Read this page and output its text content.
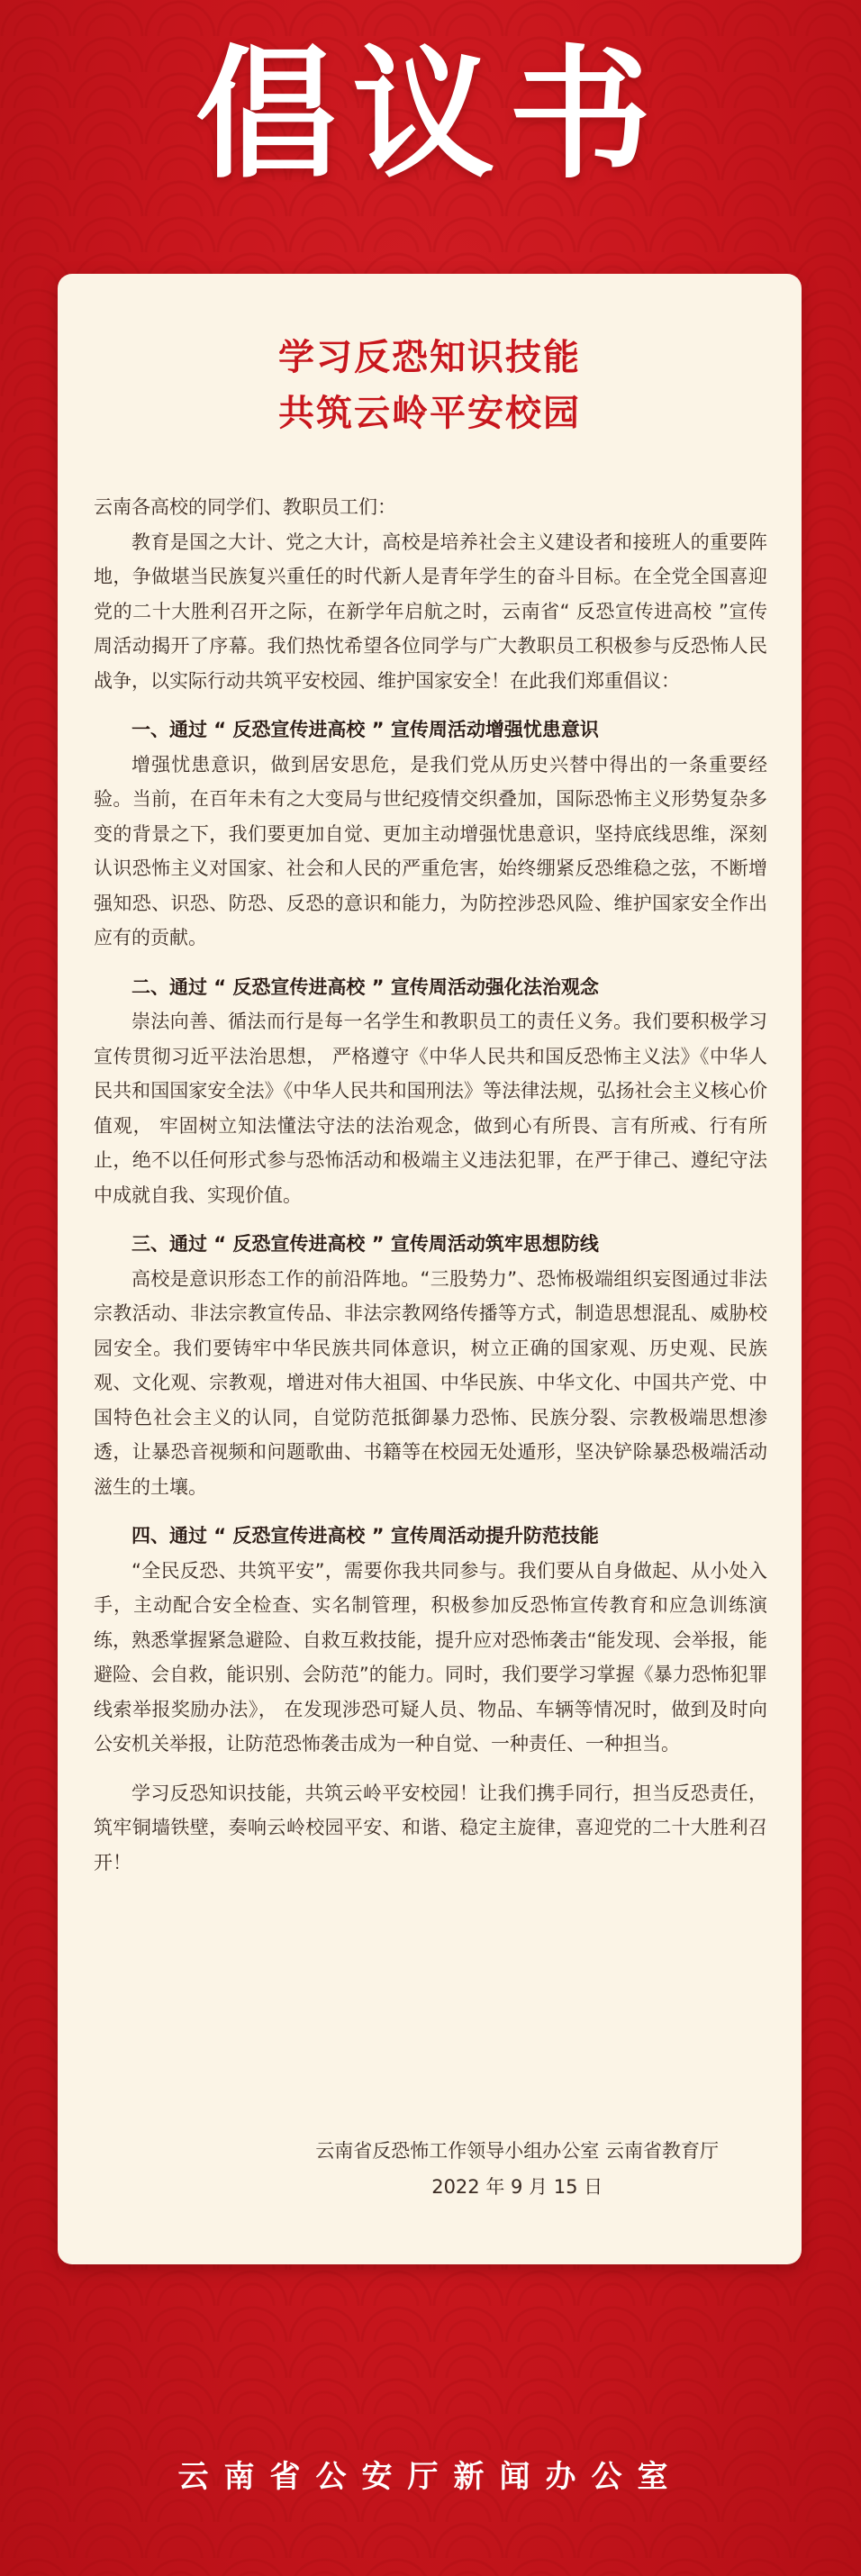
倡议书
学习反恐知识技能
共筑云岭平安校园

云南各高校的同学们、教职员工们：

教育是国之大计、党之大计，高校是培养社会主义建设者和接班人的重要阵地，争做堪当民族复兴重任的时代新人是青年学生的奋斗目标。在全党全国喜迎党的二十大胜利召开之际，在新学年启航之时，云南省“ 反恐宣传进高校 ”宣传周活动揭开了序幕。我们热忱希望各位同学与广大教职员工积极参与反恐怖人民战争，以实际行动共筑平安校园、维护国家安全！在此我们郑重倡议：

一、通过 “ 反恐宣传进高校 ” 宣传周活动增强忧患意识

增强忧患意识，做到居安思危，是我们党从历史兴替中得出的一条重要经验。当前，在百年未有之大变局与世纪疫情交织叠加，国际恐怖主义形势复杂多变的背景之下，我们要更加自觉、更加主动增强忧患意识，坚持底线思维，深刻认识恐怖主义对国家、社会和人民的严重危害，始终绷紧反恐维稳之弦，不断增强知恐、识恐、防恐、反恐的意识和能力，为防控涉恐风险、维护国家安全作出应有的贡献。

二、通过 “ 反恐宣传进高校 ” 宣传周活动强化法治观念

崇法向善、循法而行是每一名学生和教职员工的责任义务。我们要积极学习宣传贯彻习近平法治思想， 严格遵守《中华人民共和国反恐怖主义法》《中华人民共和国国家安全法》《中华人民共和国刑法》等法律法规，弘扬社会主义核心价值观， 牢固树立知法懂法守法的法治观念，做到心有所畏、言有所戒、行有所止，绝不以任何形式参与恐怖活动和极端主义违法犯罪，在严于律己、遵纪守法中成就自我、实现价值。

三、通过 “ 反恐宣传进高校 ” 宣传周活动筑牢思想防线

高校是意识形态工作的前沿阵地。“三股势力”、恐怖极端组织妄图通过非法宗教活动、非法宗教宣传品、非法宗教网络传播等方式，制造思想混乱、威胁校园安全。我们要铸牢中华民族共同体意识，树立正确的国家观、历史观、民族观、文化观、宗教观，增进对伟大祖国、中华民族、中华文化、中国共产党、中国特色社会主义的认同，自觉防范抵御暴力恐怖、民族分裂、宗教极端思想渗透，让暴恐音视频和问题歌曲、书籍等在校园无处遁形，坚决铲除暴恐极端活动滋生的土壤。

四、通过 “ 反恐宣传进高校 ” 宣传周活动提升防范技能

“全民反恐、共筑平安”，需要你我共同参与。我们要从自身做起、从小处入手，主动配合安全检查、实名制管理，积极参加反恐怖宣传教育和应急训练演练，熟悉掌握紧急避险、自救互救技能，提升应对恐怖袭击“能发现、会举报，能避险、会自救，能识别、会防范”的能力。同时，我们要学习掌握《暴力恐怖犯罪线索举报奖励办法》， 在发现涉恐可疑人员、物品、车辆等情况时，做到及时向公安机关举报，让防范恐怖袭击成为一种自觉、一种责任、一种担当。

学习反恐知识技能，共筑云岭平安校园！让我们携手同行，担当反恐责任，筑牢铜墙铁壁，奏响云岭校园平安、和谐、稳定主旋律，喜迎党的二十大胜利召开！

云南省反恐怖工作领导小组办公室 云南省教育厅
2022 年 9 月 15 日
云南省公安厅新闻办公室
